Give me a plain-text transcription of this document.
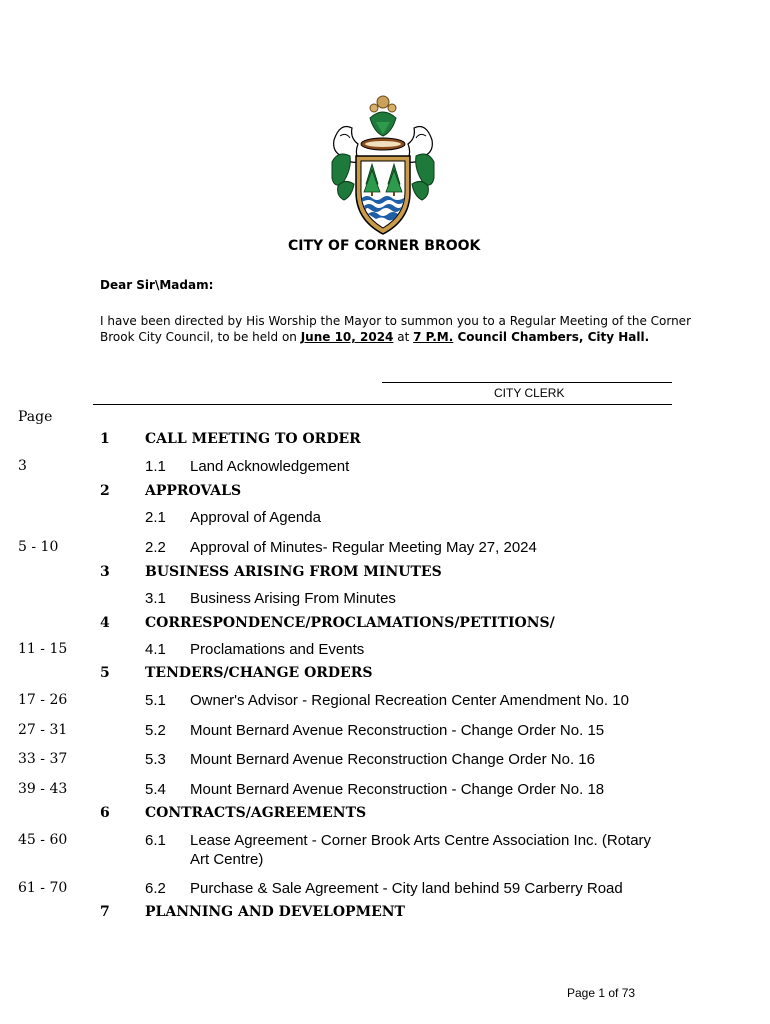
CITY OF CORNER BROOK
Dear Sir\Madam:
I have been directed by His Worship the Mayor to summon you to a Regular Meeting of the Corner
Brook City Council, to be held on June 10, 2024 at 7 P.M. Council Chambers, City Hall.
CITY CLERK
Page
1	CALL MEETING TO ORDER
3	1.1 Land Acknowledgement
2	APPROVALS
2.1 Approval of Agenda
5 - 10	2.2 Approval of Minutes- Regular Meeting May 27, 2024
3	BUSINESS ARISING FROM MINUTES
3.1 Business Arising From Minutes
4	CORRESPONDENCE/PROCLAMATIONS/PETITIONS/
11 - 15	4.1 Proclamations and Events
5	TENDERS/CHANGE ORDERS
17 - 26	5.1 Owner's Advisor - Regional Recreation Center Amendment No. 10
27 - 31	5.2 Mount Bernard Avenue Reconstruction - Change Order No. 15
33 - 37	5.3 Mount Bernard Avenue Reconstruction Change Order No. 16
39 - 43	5.4 Mount Bernard Avenue Reconstruction - Change Order No. 18
6	CONTRACTS/AGREEMENTS
45 - 60	6.1 Lease Agreement - Corner Brook Arts Centre Association Inc. (Rotary
Art Centre)
61 - 70	6.2 Purchase & Sale Agreement - City land behind 59 Carberry Road
7	PLANNING AND DEVELOPMENT
Page 1 of 73
